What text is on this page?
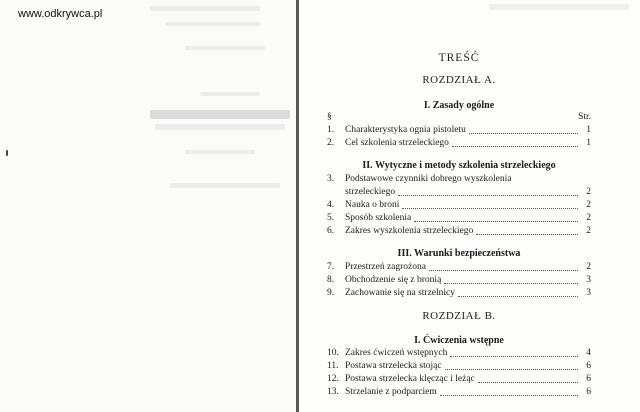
www.odkrywca.pl
TREŚĆ
ROZDZIAŁ A.
I. Zasady ogólne
§	Str.
1.	Charakterystyka ognia pistoletu	1
2.	Cel szkolenia strzeleckiego	1
II. Wytyczne i metody szkolenia strzeleckiego
3.	Podstawowe czynniki dobrego wyszkolenia
strzeleckiego	2
4.	Nauka o broni	2
5.	Sposób szkolenia	2
6.	Zakres wyszkolenia strzeleckiego	2
III. Warunki bezpieczeństwa
7.	Przestrzeń zagrożona	2
8.	Obchodzenie się z bronią	3
9.	Zachowanie się na strzelnicy	3
ROZDZIAŁ B.
I. Ćwiczenia wstępne
10. Zakres ćwiczeń wstępnych	4
11. Postawa strzelecka stojąc	6
12. Postawa strzelecka klęcząc i leżąc	6
13. Strzelanie z podparciem	6
